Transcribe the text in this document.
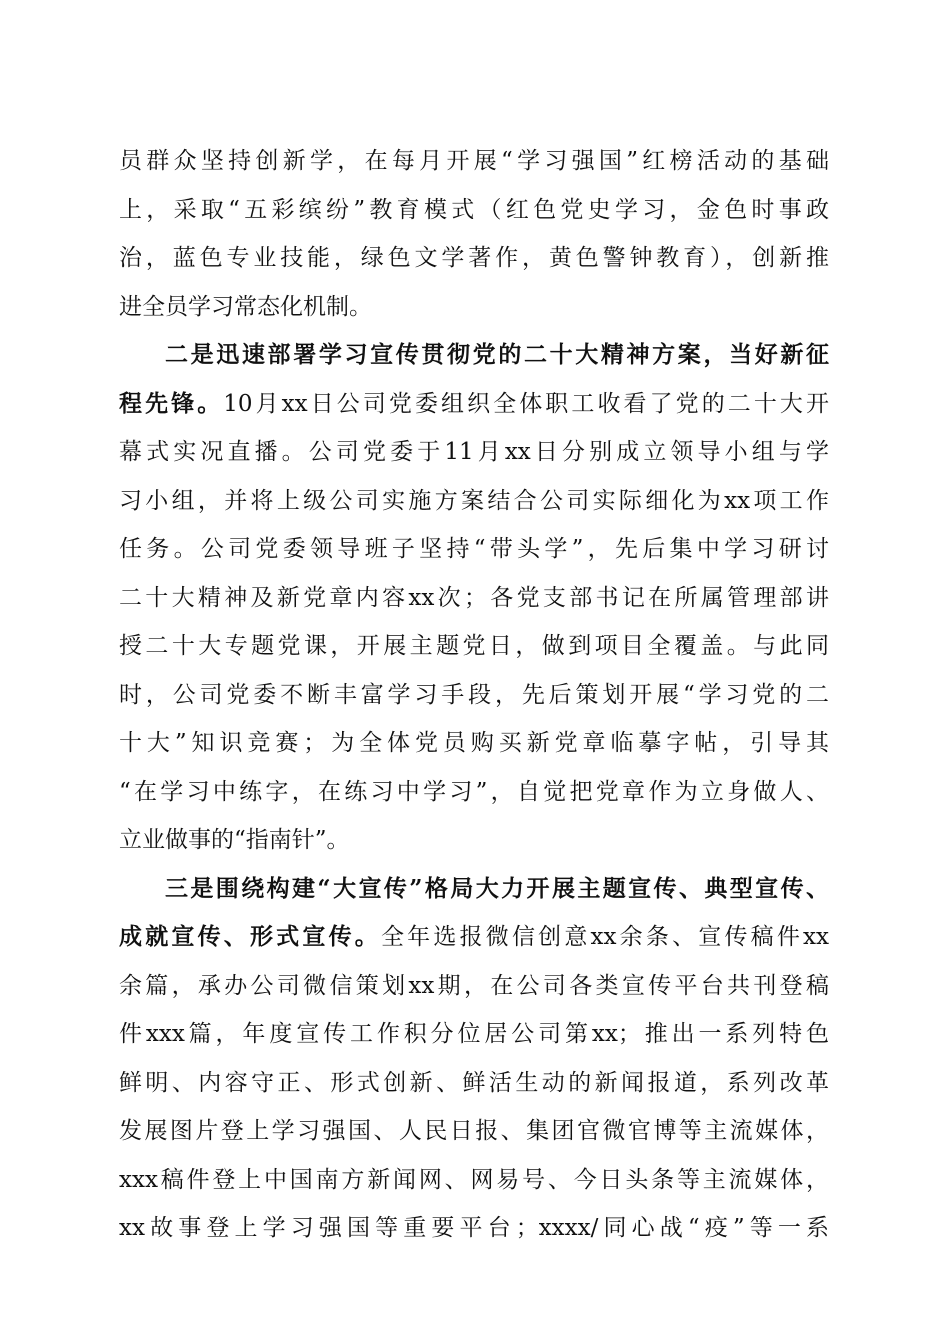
员群众坚持创新学，在每月开展“学习强国”红榜活动的基础
上，采取“五彩缤纷”教育模式（红色党史学习，金色时事政
治，蓝色专业技能，绿色文学著作，黄色警钟教育），创新推
进全员学习常态化机制。
二是迅速部署学习宣传贯彻党的二十大精神方案，当好新征
程先锋。10月xx日公司党委组织全体职工收看了党的二十大开
幕式实况直播。公司党委于11月xx日分别成立领导小组与学
习小组，并将上级公司实施方案结合公司实际细化为xx项工作
任务。公司党委领导班子坚持“带头学”，先后集中学习研讨
二十大精神及新党章内容xx次；各党支部书记在所属管理部讲
授二十大专题党课，开展主题党日，做到项目全覆盖。与此同
时，公司党委不断丰富学习手段，先后策划开展“学习党的二
十大”知识竞赛；为全体党员购买新党章临摹字帖，引导其
“在学习中练字，在练习中学习”，自觉把党章作为立身做人、
立业做事的“指南针”。
三是围绕构建“大宣传”格局大力开展主题宣传、典型宣传、
成就宣传、形式宣传。全年选报微信创意xx余条、宣传稿件xx
余篇，承办公司微信策划xx期，在公司各类宣传平台共刊登稿
件xxx篇，年度宣传工作积分位居公司第xx；推出一系列特色
鲜明、内容守正、形式创新、鲜活生动的新闻报道，系列改革
发展图片登上学习强国、人民日报、集团官微官博等主流媒体，
xxx稿件登上中国南方新闻网、网易号、今日头条等主流媒体，
xx故事登上学习强国等重要平台；xxxx/同心战“疫”等一系
